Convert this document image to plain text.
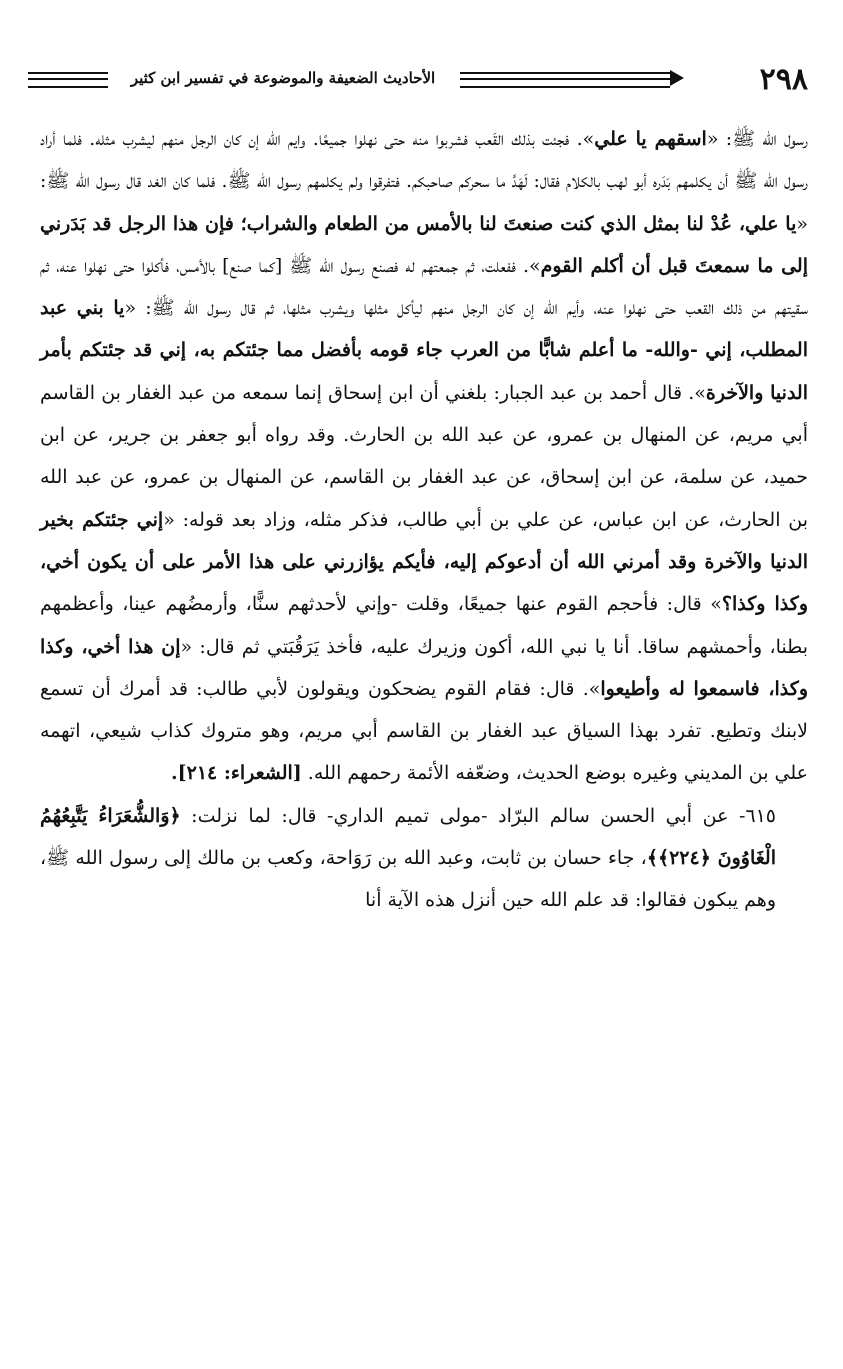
الأحاديث الضعيفة والموضوعة في تفسير ابن كثير	٢٩٨

رسول الله ﷺ: «اسقهم يا علي». فجئت بذلك القَعب فشربوا منه حتى نهلوا جميعًا. وايم الله إن كان الرجل منهم ليشرب مثله. فلما أراد رسول الله ﷺ أن يكلمهم بَدَره أبو لهب بالكلام فقال: لَهَدَّ ما سحركم صاحبكم. فتفرقوا ولم يكلمهم رسول الله ﷺ. فلما كان الغد قال رسول الله ﷺ: «يا علي، عُدْ لنا بمثل الذي كنت صنعتَ لنا بالأمس من الطعام والشراب؛ فإن هذا الرجل قد بَدَرني إلى ما سمعتَ قبل أن أكلم القوم». ففعلت، ثم جمعتهم له فصنع رسول الله ﷺ [كما صنع] بالأمس، فأكلوا حتى نهلوا عنه، ثم سقيتهم من ذلك القعب حتى نهلوا عنه، وأيم الله إن كان الرجل منهم ليأكل مثلها ويشرب مثلها، ثم قال رسول الله ﷺ: «يا بني عبد المطلب، إني -والله- ما أعلم شابًّا من العرب جاء قومه بأفضل مما جئتكم به، إني قد جئتكم بأمر الدنيا والآخرة». قال أحمد بن عبد الجبار: بلغني أن ابن إسحاق إنما سمعه من عبد الغفار بن القاسم أبي مريم، عن المنهال بن عمرو، عن عبد الله بن الحارث. وقد رواه أبو جعفر بن جرير، عن ابن حميد، عن سلمة، عن ابن إسحاق، عن عبد الغفار بن القاسم، عن المنهال بن عمرو، عن عبد الله بن الحارث، عن ابن عباس، عن علي بن أبي طالب، فذكر مثله، وزاد بعد قوله: «إني جئتكم بخير الدنيا والآخرة وقد أمرني الله أن أدعوكم إليه، فأيكم يؤازرني على هذا الأمر على أن يكون أخي، وكذا وكذا؟» قال: فأحجم القوم عنها جميعًا، وقلت -وإني لأحدثهم سنًّا، وأرمضُهم عينا، وأعظمهم بطنا، وأحمشهم ساقا. أنا يا نبي الله، أكون وزيرك عليه، فأخذ يَرَقُبَتي ثم قال: «إن هذا أخي، وكذا وكذا، فاسمعوا له وأطيعوا». قال: فقام القوم يضحكون ويقولون لأبي طالب: قد أمرك أن تسمع لابنك وتطيع. تفرد بهذا السياق عبد الغفار بن القاسم أبي مريم، وهو متروك كذاب شيعي، اتهمه علي بن المديني وغيره بوضع الحديث، وضعّفه الأئمة رحمهم الله. [الشعراء: ٢١٤].

٦١٥- عن أبي الحسن سالم البرّاد -مولى تميم الداري- قال: لما نزلت: ﴿وَالشُّعَرَاءُ يَتَّبِعُهُمُ الْغَاوُونَ ﴿٢٢٤﴾﴾، جاء حسان بن ثابت، وعبد الله بن رَوَاحة، وكعب بن مالك إلى رسول الله ﷺ، وهم يبكون فقالوا: قد علم الله حين أنزل هذه الآية أنا
